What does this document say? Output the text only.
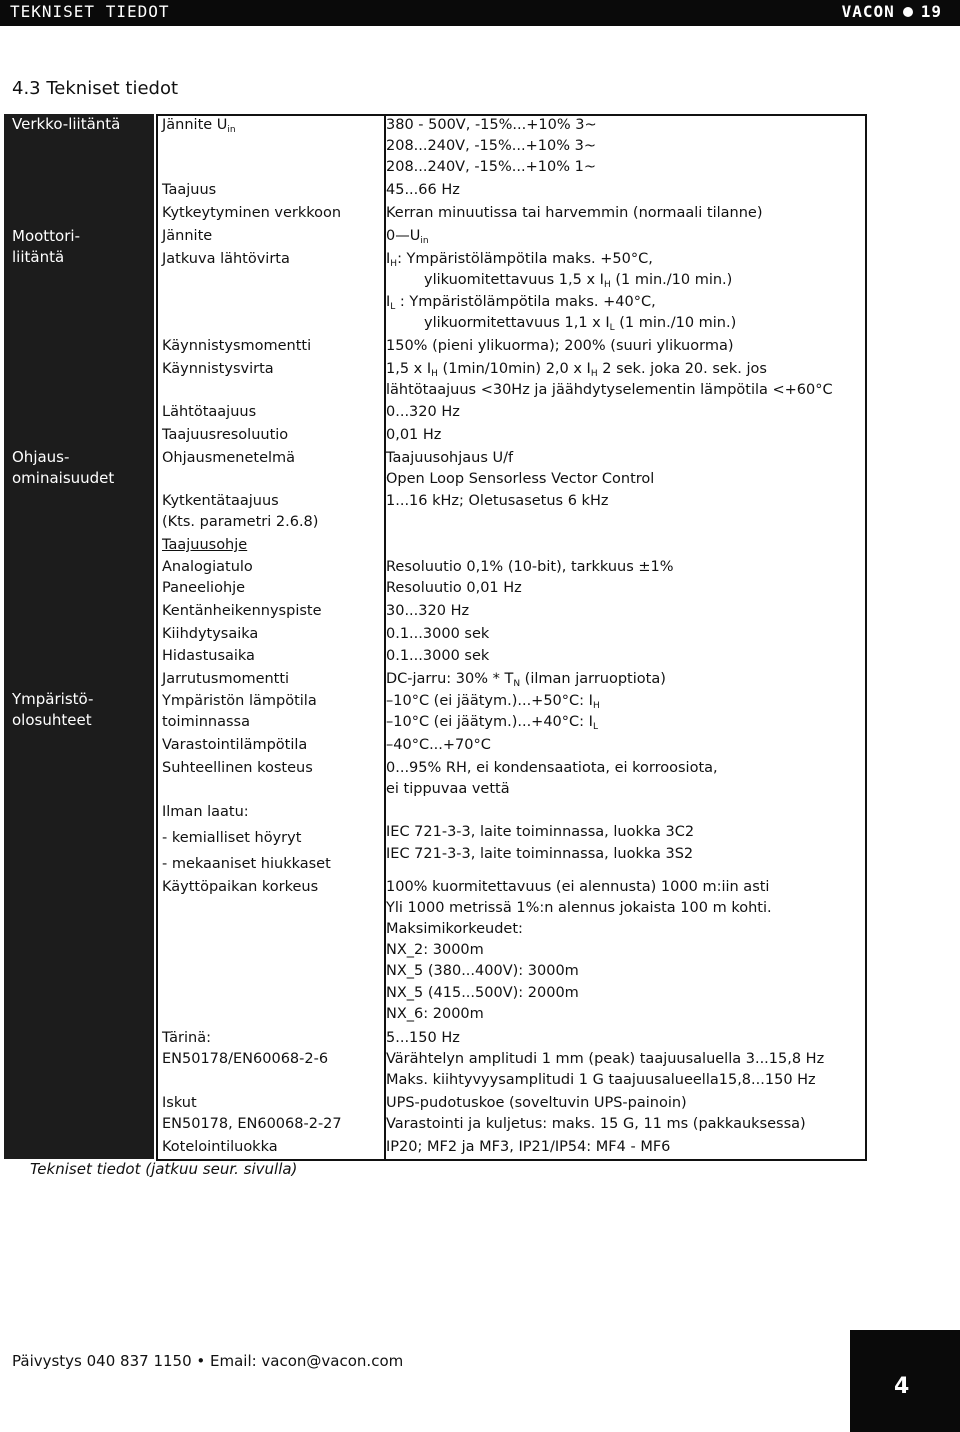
TEKNISET TIEDOT	VACON 19
4.3 Tekniset tiedot
Verkko-liitäntä
Moottori-
liitäntä
Ohjaus-
ominaisuudet
Ympäristö-
olosuhteet
Jännite $U_{in}$
Taajuus
Kytkeytyminen verkkoon
Jännite
Jatkuva lähtövirta
Käynnistysmomentti
Käynnistysvirta
Lähtötaajuus
Taajuusresoluutio
Ohjausmenetelmä
Kytkentätaajuus
(Kts. parametri 2.6.8)
Taajuusohje
Analogiatulo
Paneeliohje
Kentänheikennyspiste
Kiihdytysaika
Hidastusaika
Jarrutusmomentti
Ympäristön lämpötila
toiminnassa
Varastointilämpötila
Suhteellinen kosteus
Ilman laatu:
- kemialliset höyryt
- mekaaniset hiukkaset
Käyttöpaikan korkeus
Tärinä:
EN50178/EN60068-2-6
Iskut
EN50178, EN60068-2-27
Kotelointiluokka
380 - 500V, -15%...+10% 3~
208...240V, -15%...+10% 3~
208...240V, -15%...+10% 1~
45...66 Hz
Kerran minuutissa tai harvemmin (normaali tilanne)
$0—U_{in}$
$I_H$: Ympäristölämpötila maks. +50°C,
ylikuomitettavuus 1,5 x $I_H$ (1 min./10 min.)
$I_L$ : Ympäristölämpötila maks. +40°C,
ylikuormitettavuus 1,1 x $I_L$ (1 min./10 min.)
150% (pieni ylikuorma); 200% (suuri ylikuorma)
1,5 x $I_H$ (1min/10min) 2,0 x $I_H$ 2 sek. joka 20. sek. jos
lähtötaajuus <30Hz ja jäähdytyselementin lämpötila <+60°C
0...320 Hz
0,01 Hz
Taajuusohjaus U/f
Open Loop Sensorless Vector Control
1...16 kHz; Oletusasetus 6 kHz
Resoluutio 0,1% (10-bit), tarkkuus ±1%
Resoluutio 0,01 Hz
30...320 Hz
0.1...3000 sek
0.1...3000 sek
DC-jarru: $30\% * T_N$ (ilman jarruoptiota)
–10°C (ei jäätym.)...+50°C: $I_H$
–10°C (ei jäätym.)...+40°C: $I_L$
–40°C...+70°C
0...95% RH, ei kondensaatiota, ei korroosiota,
ei tippuvaa vettä
IEC 721-3-3, laite toiminnassa, luokka 3C2
IEC 721-3-3, laite toiminnassa, luokka 3S2
100% kuormitettavuus (ei alennusta) 1000 m:iin asti
Yli 1000 metrissä 1%:n alennus jokaista 100 m kohti.
Maksimikorkeudet:
NX_2: 3000m
NX_5 (380...400V): 3000m
NX_5 (415...500V): 2000m
NX_6: 2000m
5...150 Hz
Värähtelyn amplitudi 1 mm (peak) taajuusaluella 3...15,8 Hz
Maks. kiihtyvyysamplitudi 1 G taajuusalueella15,8...150 Hz
UPS-pudotuskoe (soveltuvin UPS-painoin)
Varastointi ja kuljetus: maks. 15 G, 11 ms (pakkauksessa)
IP20; MF2 ja MF3, IP21/IP54: MF4 - MF6
Tekniset tiedot (jatkuu seur. sivulla)
Päivystys 040 837 1150 • Email: vacon@vacon.com
4
